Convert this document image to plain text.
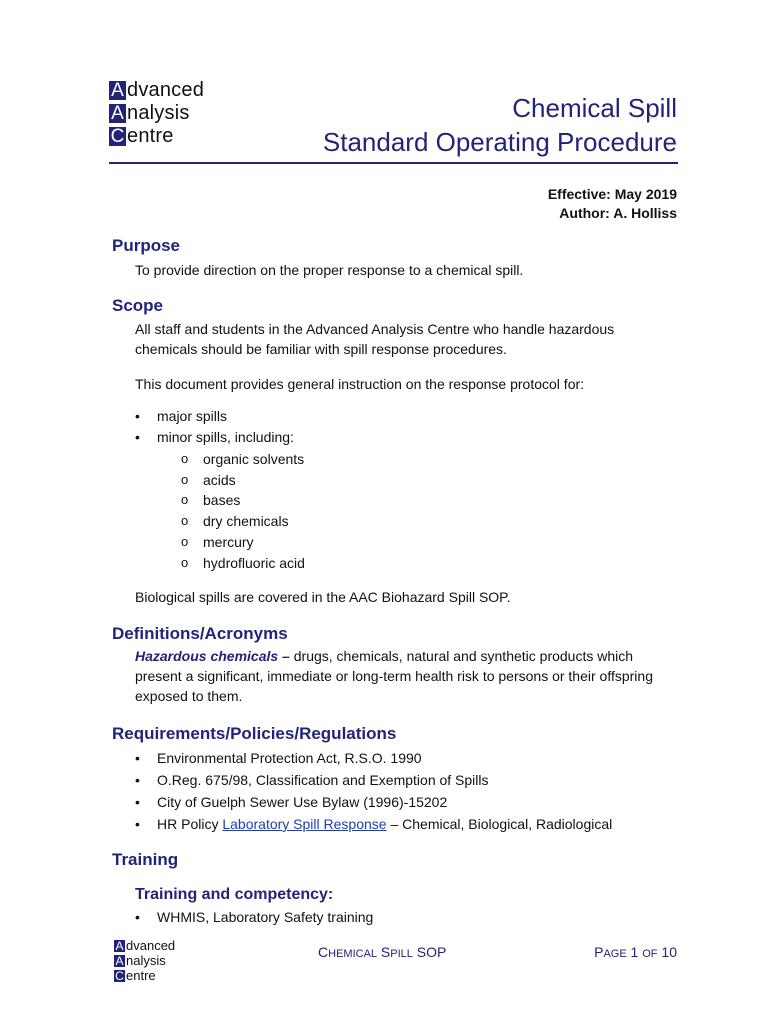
A dvanced
A nalysis
C entre
Chemical Spill
Standard Operating Procedure
Effective: May 2019
Author: A. Holliss
Purpose

To provide direction on the proper response to a chemical spill.

Scope

All staff and students in the Advanced Analysis Centre who handle hazardous chemicals should be familiar with spill response procedures.

This document provides general instruction on the response protocol for:

• major spills
• minor spills, including:
o organic solvents
o acids
o bases
o dry chemicals
o mercury
o hydrofluoric acid

Biological spills are covered in the AAC Biohazard Spill SOP.

Definitions/Acronyms

Hazardous chemicals – drugs, chemicals, natural and synthetic products which present a significant, immediate or long-term health risk to persons or their offspring exposed to them.

Requirements/Policies/Regulations
• Environmental Protection Act, R.S.O. 1990
• O.Reg. 675/98, Classification and Exemption of Spills
• City of Guelph Sewer Use Bylaw (1996)-15202
• HR Policy Laboratory Spill Response – Chemical, Biological, Radiological
Training
Training and competency:
• WHMIS, Laboratory Safety training
A dvanced
A nalysis
C entre
CHEMICAL SPILL SOP	PAGE 1 OF 10
